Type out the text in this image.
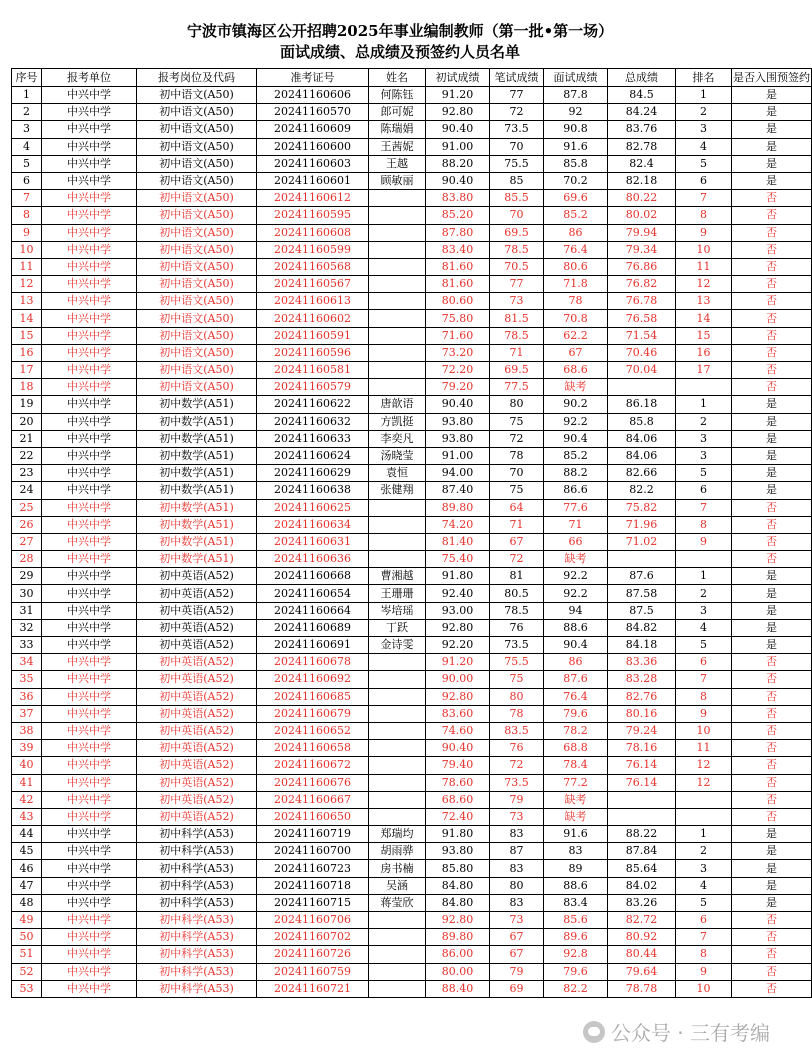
宁波市镇海区公开招聘2025年事业编制教师（第一批•第一场）
面试成绩、总成绩及预签约人员名单
序号	报考单位	报考岗位及代码	准考证号	姓名	初试成绩	笔试成绩	面试成绩	总成绩	排名	是否入围预签约
1	中兴中学	初中语文(A50)	20241160606	何陈钰	91.20	77	87.8	84.5	1	是
2	中兴中学	初中语文(A50)	20241160570	郎可妮	92.80	72	92	84.24	2	是
3	中兴中学	初中语文(A50)	20241160609	陈瑞娟	90.40	73.5	90.8	83.76	3	是
4	中兴中学	初中语文(A50)	20241160600	王茜妮	91.00	70	91.6	82.78	4	是
5	中兴中学	初中语文(A50)	20241160603	王越	88.20	75.5	85.8	82.4	5	是
6	中兴中学	初中语文(A50)	20241160601	顾敏丽	90.40	85	70.2	82.18	6	是
7	中兴中学	初中语文(A50)	20241160612		83.80	85.5	69.6	80.22	7	否
8	中兴中学	初中语文(A50)	20241160595		85.20	70	85.2	80.02	8	否
9	中兴中学	初中语文(A50)	20241160608		87.80	69.5	86	79.94	9	否
10	中兴中学	初中语文(A50)	20241160599		83.40	78.5	76.4	79.34	10	否
11	中兴中学	初中语文(A50)	20241160568		81.60	70.5	80.6	76.86	11	否
12	中兴中学	初中语文(A50)	20241160567		81.60	77	71.8	76.82	12	否
13	中兴中学	初中语文(A50)	20241160613		80.60	73	78	76.78	13	否
14	中兴中学	初中语文(A50)	20241160602		75.80	81.5	70.8	76.58	14	否
15	中兴中学	初中语文(A50)	20241160591		71.60	78.5	62.2	71.54	15	否
16	中兴中学	初中语文(A50)	20241160596		73.20	71	67	70.46	16	否
17	中兴中学	初中语文(A50)	20241160581		72.20	69.5	68.6	70.04	17	否
18	中兴中学	初中语文(A50)	20241160579		79.20	77.5	缺考			否
19	中兴中学	初中数学(A51)	20241160622	唐歆语	90.40	80	90.2	86.18	1	是
20	中兴中学	初中数学(A51)	20241160632	方凯挺	93.80	75	92.2	85.8	2	是
21	中兴中学	初中数学(A51)	20241160633	李奕凡	93.80	72	90.4	84.06	3	是
22	中兴中学	初中数学(A51)	20241160624	汤晓莹	91.00	78	85.2	84.06	3	是
23	中兴中学	初中数学(A51)	20241160629	袁恒	94.00	70	88.2	82.66	5	是
24	中兴中学	初中数学(A51)	20241160638	张健翔	87.40	75	86.6	82.2	6	是
25	中兴中学	初中数学(A51)	20241160625		89.80	64	77.6	75.82	7	否
26	中兴中学	初中数学(A51)	20241160634		74.20	71	71	71.96	8	否
27	中兴中学	初中数学(A51)	20241160631		81.40	67	66	71.02	9	否
28	中兴中学	初中数学(A51)	20241160636		75.40	72	缺考			否
29	中兴中学	初中英语(A52)	20241160668	曹湘越	91.80	81	92.2	87.6	1	是
30	中兴中学	初中英语(A52)	20241160654	王珊珊	92.40	80.5	92.2	87.58	2	是
31	中兴中学	初中英语(A52)	20241160664	岑培瑶	93.00	78.5	94	87.5	3	是
32	中兴中学	初中英语(A52)	20241160689	丁跃	92.80	76	88.6	84.82	4	是
33	中兴中学	初中英语(A52)	20241160691	金诗雯	92.20	73.5	90.4	84.18	5	是
34	中兴中学	初中英语(A52)	20241160678		91.20	75.5	86	83.36	6	否
35	中兴中学	初中英语(A52)	20241160692		90.00	75	87.6	83.28	7	否
36	中兴中学	初中英语(A52)	20241160685		92.80	80	76.4	82.76	8	否
37	中兴中学	初中英语(A52)	20241160679		83.60	78	79.6	80.16	9	否
38	中兴中学	初中英语(A52)	20241160652		74.60	83.5	78.2	79.24	10	否
39	中兴中学	初中英语(A52)	20241160658		90.40	76	68.8	78.16	11	否
40	中兴中学	初中英语(A52)	20241160672		79.40	72	78.4	76.14	12	否
41	中兴中学	初中英语(A52)	20241160676		78.60	73.5	77.2	76.14	12	否
42	中兴中学	初中英语(A52)	20241160667		68.60	79	缺考			否
43	中兴中学	初中英语(A52)	20241160650		72.40	73	缺考			否
44	中兴中学	初中科学(A53)	20241160719	郑瑞均	91.80	83	91.6	88.22	1	是
45	中兴中学	初中科学(A53)	20241160700	胡雨骅	93.80	87	83	87.84	2	是
46	中兴中学	初中科学(A53)	20241160723	房书楠	85.80	83	89	85.64	3	是
47	中兴中学	初中科学(A53)	20241160718	吴涵	84.80	80	88.6	84.02	4	是
48	中兴中学	初中科学(A53)	20241160715	蒋莹欣	84.80	83	83.4	83.26	5	是
49	中兴中学	初中科学(A53)	20241160706		92.80	73	85.6	82.72	6	否
50	中兴中学	初中科学(A53)	20241160702		89.80	67	89.6	80.92	7	否
51	中兴中学	初中科学(A53)	20241160726		86.00	67	92.8	80.44	8	否
52	中兴中学	初中科学(A53)	20241160759		80.00	79	79.6	79.64	9	否
53	中兴中学	初中科学(A53)	20241160721		88.40	69	82.2	78.78	10	否
公众号 · 三有考编
